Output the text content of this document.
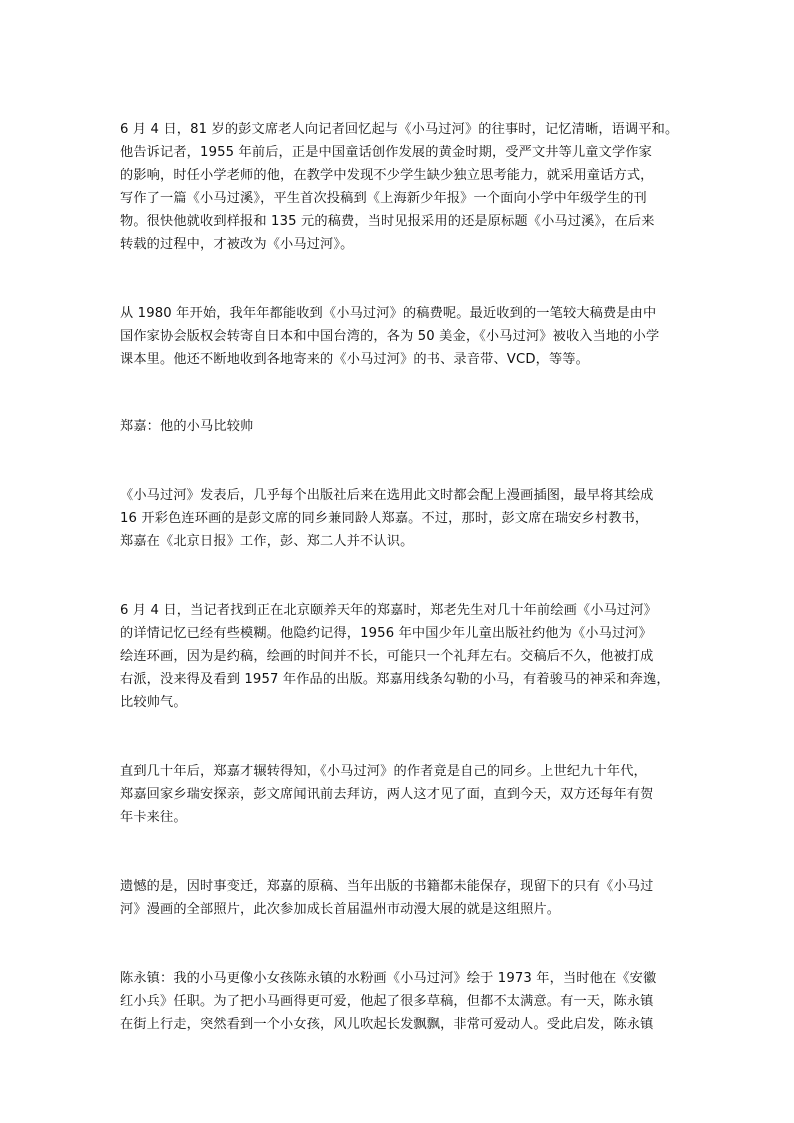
6 月 4 日，81 岁的彭文席老人向记者回忆起与《小马过河》的往事时，记忆清晰，语调平和。
他告诉记者，1955 年前后，正是中国童话创作发展的黄金时期，受严文井等儿童文学作家
的影响，时任小学老师的他，在教学中发现不少学生缺少独立思考能力，就采用童话方式，
写作了一篇《小马过溪》，平生首次投稿到《上海新少年报》一个面向小学中年级学生的刊
物。很快他就收到样报和 135 元的稿费，当时见报采用的还是原标题《小马过溪》，在后来
转载的过程中，才被改为《小马过河》。
从 1980 年开始，我年年都能收到《小马过河》的稿费呢。最近收到的一笔较大稿费是由中
国作家协会版权会转寄自日本和中国台湾的，各为 50 美金，《小马过河》被收入当地的小学
课本里。他还不断地收到各地寄来的《小马过河》的书、录音带、VCD，等等。
郑嘉：他的小马比较帅
《小马过河》发表后，几乎每个出版社后来在选用此文时都会配上漫画插图，最早将其绘成
16 开彩色连环画的是彭文席的同乡兼同龄人郑嘉。不过，那时，彭文席在瑞安乡村教书，
郑嘉在《北京日报》工作，彭、郑二人并不认识。
6 月 4 日，当记者找到正在北京颐养天年的郑嘉时，郑老先生对几十年前绘画《小马过河》
的详情记忆已经有些模糊。他隐约记得，1956 年中国少年儿童出版社约他为《小马过河》
绘连环画，因为是约稿，绘画的时间并不长，可能只一个礼拜左右。交稿后不久，他被打成
右派，没来得及看到 1957 年作品的出版。郑嘉用线条勾勒的小马，有着骏马的神采和奔逸，
比较帅气。
直到几十年后，郑嘉才辗转得知，《小马过河》的作者竟是自己的同乡。上世纪九十年代，
郑嘉回家乡瑞安探亲，彭文席闻讯前去拜访，两人这才见了面，直到今天，双方还每年有贺
年卡来往。
遗憾的是，因时事变迁，郑嘉的原稿、当年出版的书籍都未能保存，现留下的只有《小马过
河》漫画的全部照片，此次参加成长首届温州市动漫大展的就是这组照片。
陈永镇：我的小马更像小女孩陈永镇的水粉画《小马过河》绘于 1973 年，当时他在《安徽
红小兵》任职。为了把小马画得更可爱，他起了很多草稿，但都不太满意。有一天，陈永镇
在街上行走，突然看到一个小女孩，风儿吹起长发飘飘，非常可爱动人。受此启发，陈永镇
